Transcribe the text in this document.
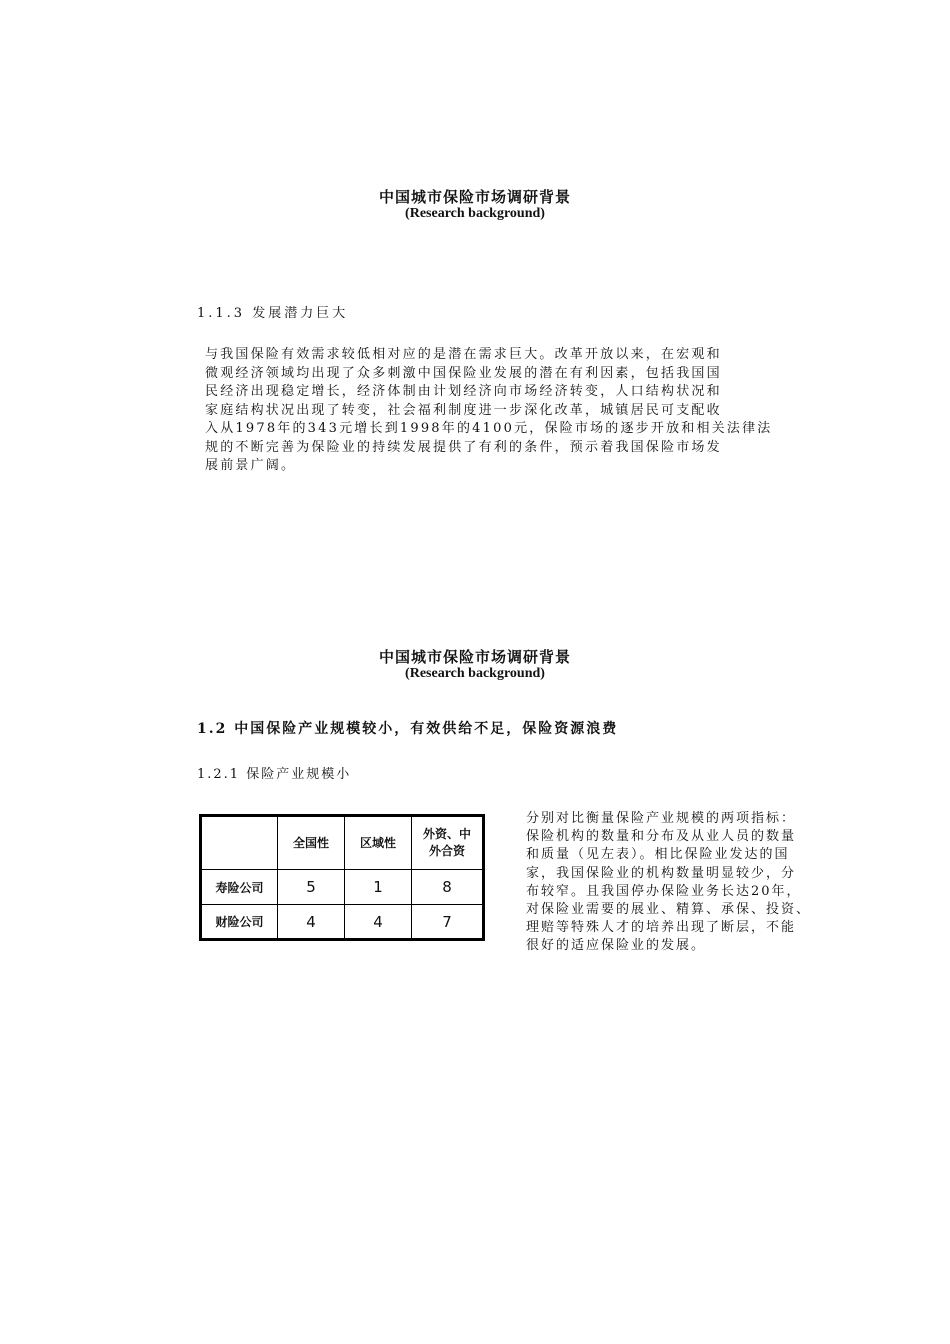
中国城市保险市场调研背景
(Research background)
1.1.3 发展潜力巨大
与我国保险有效需求较低相对应的是潜在需求巨大。改革开放以来，在宏观和
微观经济领域均出现了众多刺激中国保险业发展的潜在有利因素，包括我国国
民经济出现稳定增长，经济体制由计划经济向市场经济转变，人口结构状况和
家庭结构状况出现了转变，社会福利制度进一步深化改革，城镇居民可支配收
入从1978年的343元增长到1998年的4100元，保险市场的逐步开放和相关法律法
规的不断完善为保险业的持续发展提供了有利的条件，预示着我国保险市场发
展前景广阔。
中国城市保险市场调研背景
(Research background)
1.2 中国保险产业规模较小，有效供给不足，保险资源浪费
1.2.1 保险产业规模小
	全国性	区域性	外资、中外合资

寿险公司	5	1	8
财险公司	4	4	7
分别对比衡量保险产业规模的两项指标：
保险机构的数量和分布及从业人员的数量
和质量（见左表）。相比保险业发达的国
家，我国保险业的机构数量明显较少，分
布较窄。且我国停办保险业务长达20年，
对保险业需要的展业、精算、承保、投资、
理赔等特殊人才的培养出现了断层，不能
很好的适应保险业的发展。
